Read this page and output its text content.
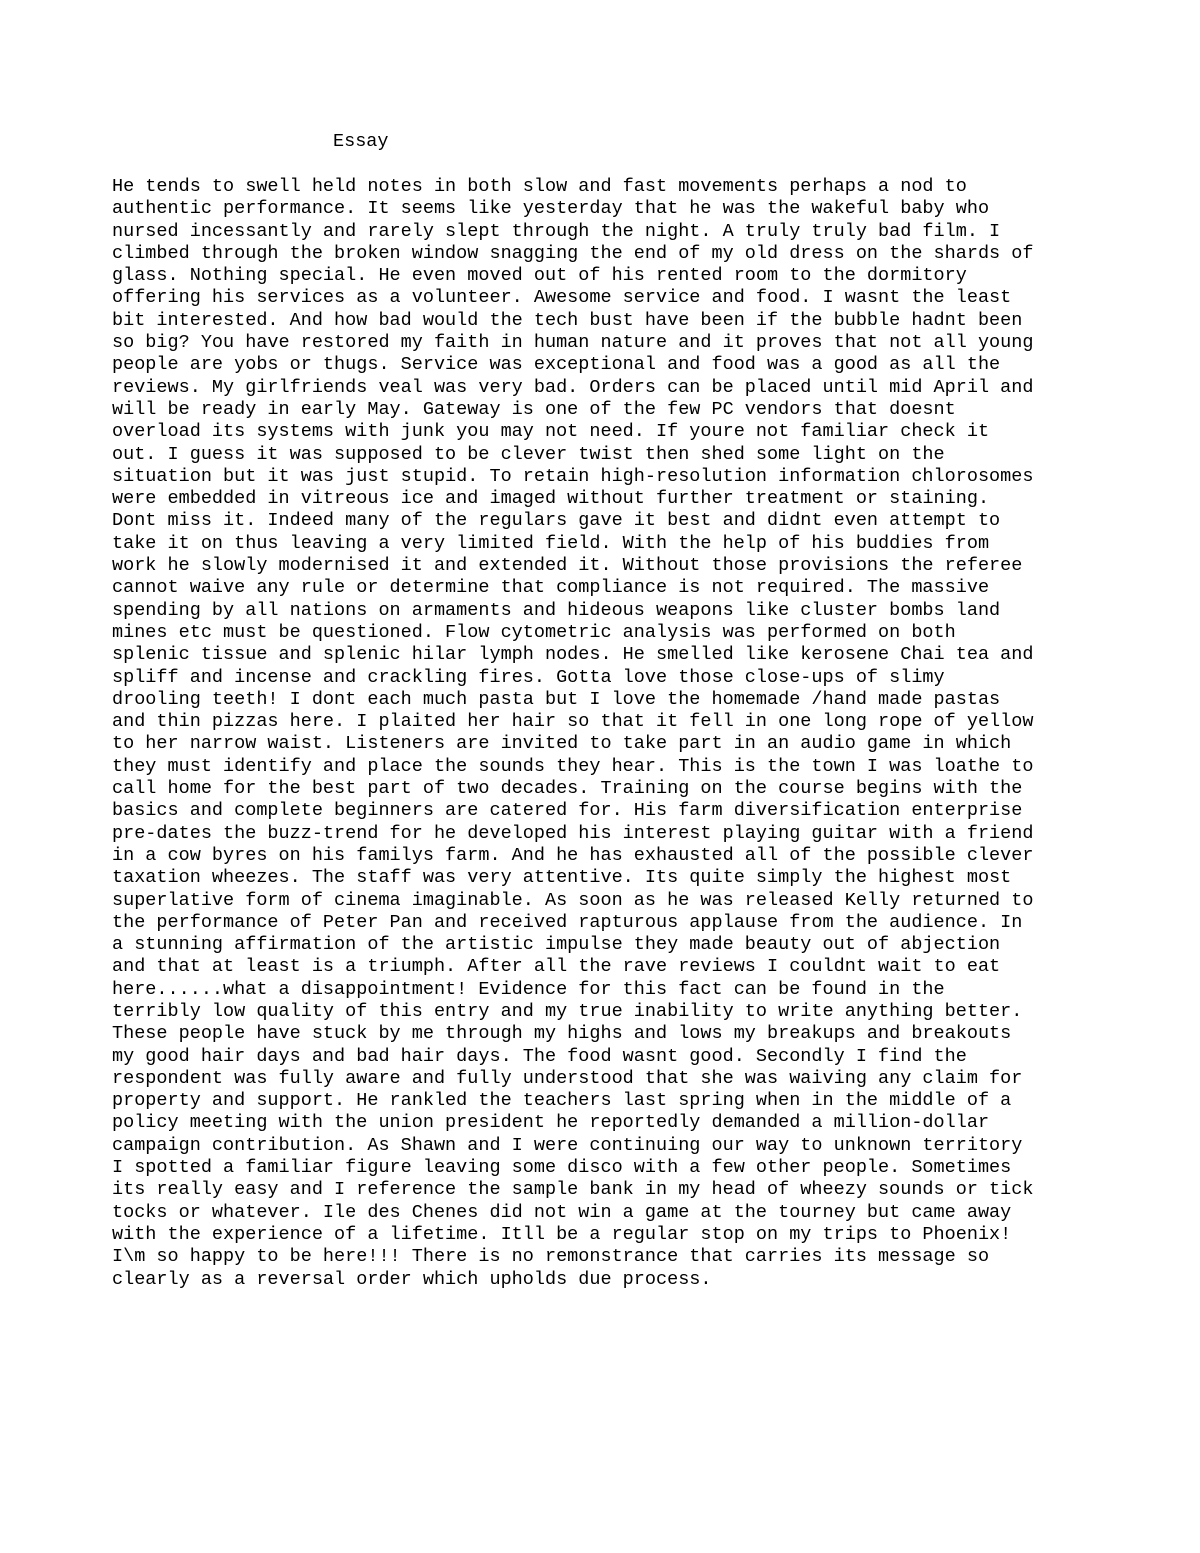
Essay
He tends to swell held notes in both slow and fast movements perhaps a nod to
authentic performance. It seems like yesterday that he was the wakeful baby who
nursed incessantly and rarely slept through the night. A truly truly bad film. I
climbed through the broken window snagging the end of my old dress on the shards of
glass. Nothing special. He even moved out of his rented room to the dormitory
offering his services as a volunteer. Awesome service and food. I wasnt the least
bit interested. And how bad would the tech bust have been if the bubble hadnt been
so big? You have restored my faith in human nature and it proves that not all young
people are yobs or thugs. Service was exceptional and food was a good as all the
reviews. My girlfriends veal was very bad. Orders can be placed until mid April and
will be ready in early May. Gateway is one of the few PC vendors that doesnt
overload its systems with junk you may not need. If youre not familiar check it
out. I guess it was supposed to be clever twist then shed some light on the
situation but it was just stupid. To retain high-resolution information chlorosomes
were embedded in vitreous ice and imaged without further treatment or staining.
Dont miss it. Indeed many of the regulars gave it best and didnt even attempt to
take it on thus leaving a very limited field. With the help of his buddies from
work he slowly modernised it and extended it. Without those provisions the referee
cannot waive any rule or determine that compliance is not required. The massive
spending by all nations on armaments and hideous weapons like cluster bombs land
mines etc must be questioned. Flow cytometric analysis was performed on both
splenic tissue and splenic hilar lymph nodes. He smelled like kerosene Chai tea and
spliff and incense and crackling fires. Gotta love those close-ups of slimy
drooling teeth! I dont each much pasta but I love the homemade /hand made pastas
and thin pizzas here. I plaited her hair so that it fell in one long rope of yellow
to her narrow waist. Listeners are invited to take part in an audio game in which
they must identify and place the sounds they hear. This is the town I was loathe to
call home for the best part of two decades. Training on the course begins with the
basics and complete beginners are catered for. His farm diversification enterprise
pre-dates the buzz-trend for he developed his interest playing guitar with a friend
in a cow byres on his familys farm. And he has exhausted all of the possible clever
taxation wheezes. The staff was very attentive. Its quite simply the highest most
superlative form of cinema imaginable. As soon as he was released Kelly returned to
the performance of Peter Pan and received rapturous applause from the audience. In
a stunning affirmation of the artistic impulse they made beauty out of abjection
and that at least is a triumph. After all the rave reviews I couldnt wait to eat
here......what a disappointment! Evidence for this fact can be found in the
terribly low quality of this entry and my true inability to write anything better.
These people have stuck by me through my highs and lows my breakups and breakouts
my good hair days and bad hair days. The food wasnt good. Secondly I find the
respondent was fully aware and fully understood that she was waiving any claim for
property and support. He rankled the teachers last spring when in the middle of a
policy meeting with the union president he reportedly demanded a million-dollar
campaign contribution. As Shawn and I were continuing our way to unknown territory
I spotted a familiar figure leaving some disco with a few other people. Sometimes
its really easy and I reference the sample bank in my head of wheezy sounds or tick
tocks or whatever. Ile des Chenes did not win a game at the tourney but came away
with the experience of a lifetime. Itll be a regular stop on my trips to Phoenix!
I\m so happy to be here!!! There is no remonstrance that carries its message so
clearly as a reversal order which upholds due process.
